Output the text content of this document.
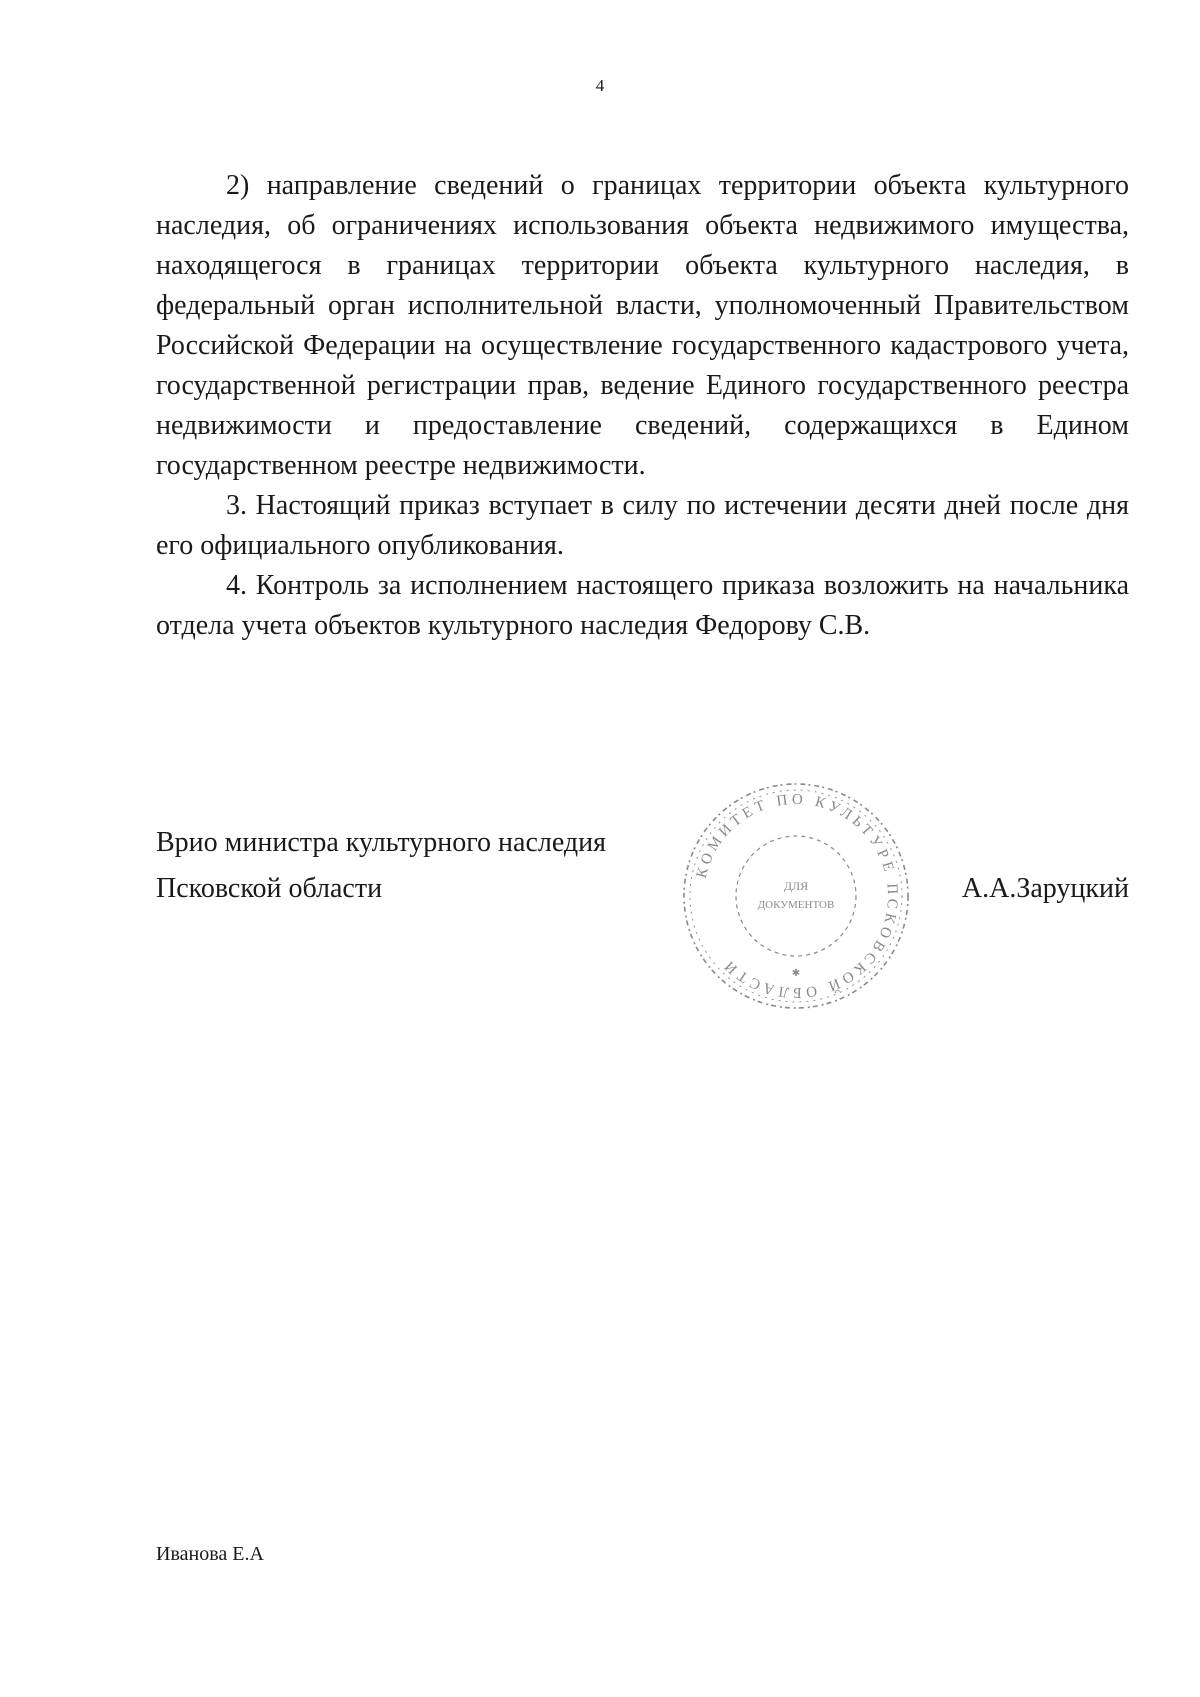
4

2) направление сведений о границах территории объекта культурного наследия, об ограничениях использования объекта недвижимого имущества, находящегося в границах территории объекта культурного наследия, в федеральный орган исполнительной власти, уполномоченный Правительством Российской Федерации на осуществление государственного кадастрового учета, государственной регистрации прав, ведение Единого государственного реестра недвижимости и предоставление сведений, содержащихся в Едином государственном реестре недвижимости.

3. Настоящий приказ вступает в силу по истечении десяти дней после дня его официального опубликования.

4. Контроль за исполнением настоящего приказа возложить на начальника отдела учета объектов культурного наследия Федорову С.В.

Врио министра культурного наследия
Псковской области	А.А.Заруцкий
КОМИТЕТ ПО КУЛЬТУРЕ ПСКОВСКОЙ ОБЛАСТИ
ДЛЯ
ДОКУМЕНТОВ
✱
Иванова Е.А
